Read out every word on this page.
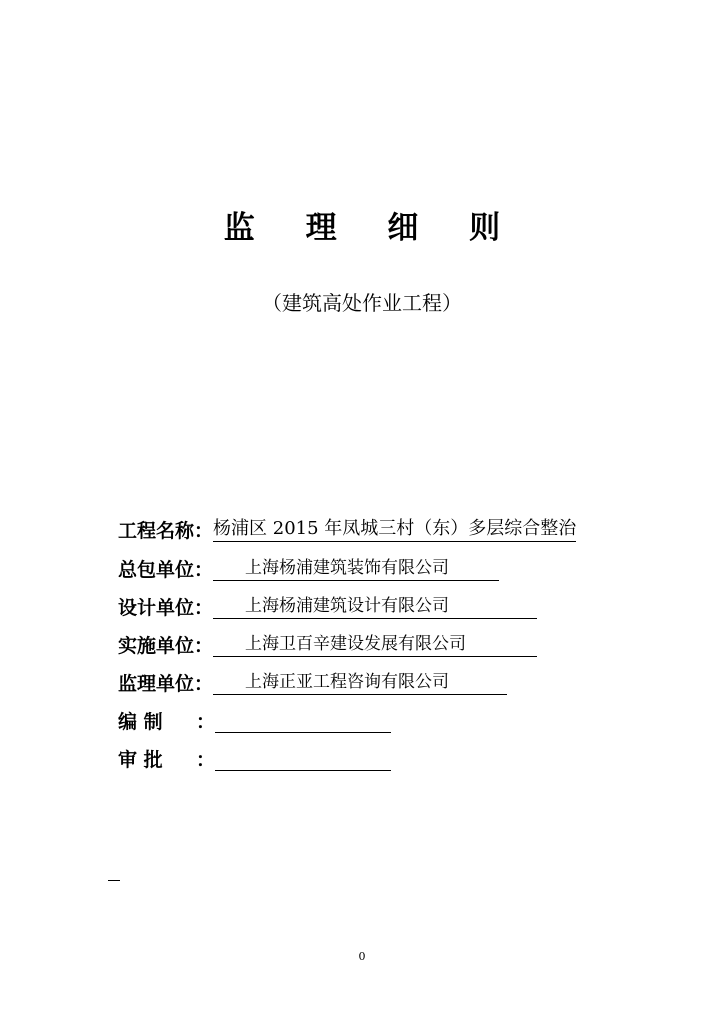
监 理 细 则
（建筑高处作业工程）
工程名称：杨浦区 2015 年凤城三村（东）多层综合整治
总包单位： 上海杨浦建筑装饰有限公司
设计单位： 上海杨浦建筑设计有限公司
实施单位： 上海卫百辛建设发展有限公司
监理单位： 上海正亚工程咨询有限公司
编 制 ：
审 批 ：
0
